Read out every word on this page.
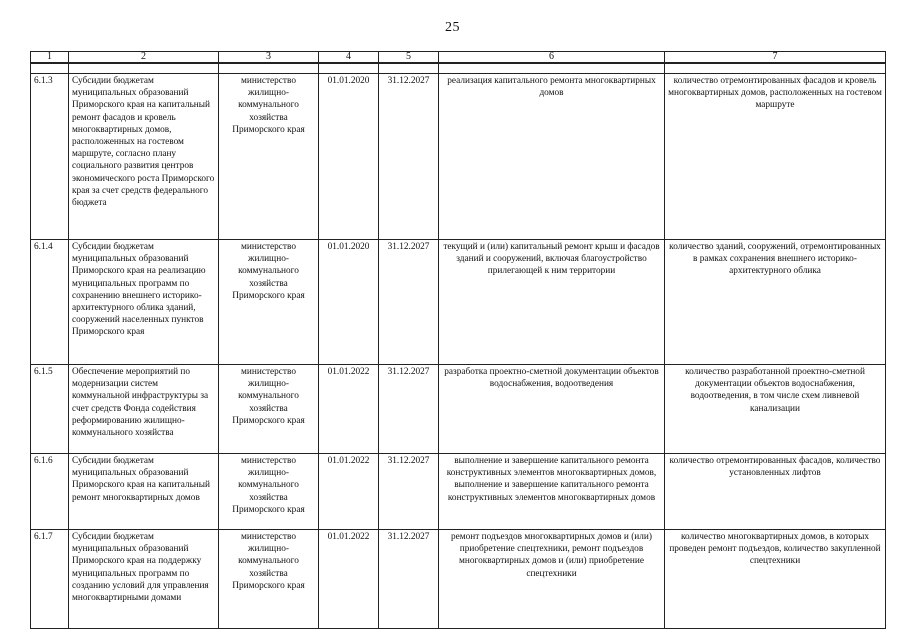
25
1	2	3	4	5	6	7

6.1.3	Субсидии бюджетам муниципальных образований Приморского края на капитальный ремонт фасадов и кровель многоквартирных домов, расположенных на гостевом маршруте, согласно плану социального развития центров экономического роста Приморского края за счет средств федерального бюджета	министерство жилищно-коммунального хозяйства Приморского края	01.01.2020	31.12.2027	реализация капитального ремонта многоквартирных домов	количество отремонтированных фасадов и кровель многоквартирных домов, расположенных на гостевом маршруте
6.1.4	Субсидии бюджетам муниципальных образований Приморского края на реализацию муниципальных программ по сохранению внешнего историко-архитектурного облика зданий, сооружений населенных пунктов Приморского края	министерство жилищно-коммунального хозяйства Приморского края	01.01.2020	31.12.2027	текущий и (или) капитальный ремонт крыш и фасадов зданий и сооружений, включая благоустройство прилегающей к ним территории	количество зданий, сооружений, отремонтированных в рамках сохранения внешнего историко-архитектурного облика
6.1.5	Обеспечение мероприятий по модернизации систем коммунальной инфраструктуры за счет средств Фонда содействия реформированию жилищно-коммунального хозяйства	министерство жилищно-коммунального хозяйства Приморского края	01.01.2022	31.12.2027	разработка проектно-сметной документации объектов водоснабжения, водоотведения	количество разработанной проектно-сметной документации объектов водоснабжения, водоотведения, в том числе схем ливневой канализации
6.1.6	Субсидии бюджетам муниципальных образований Приморского края на капитальный ремонт многоквартирных домов	министерство жилищно-коммунального хозяйства Приморского края	01.01.2022	31.12.2027	выполнение и завершение капитального ремонта конструктивных элементов многоквартирных домов, выполнение и завершение капитального ремонта конструктивных элементов многоквартирных домов	количество отремонтированных фасадов, количество установленных лифтов
6.1.7	Субсидии бюджетам муниципальных образований Приморского края на поддержку муниципальных программ по созданию условий для управления многоквартирными домами	министерство жилищно-коммунального хозяйства Приморского края	01.01.2022	31.12.2027	ремонт подъездов многоквартирных домов и (или) приобретение спецтехники, ремонт подъездов многоквартирных домов и (или) приобретение спецтехники	количество многоквартирных домов, в которых проведен ремонт подъездов, количество закупленной спецтехники
